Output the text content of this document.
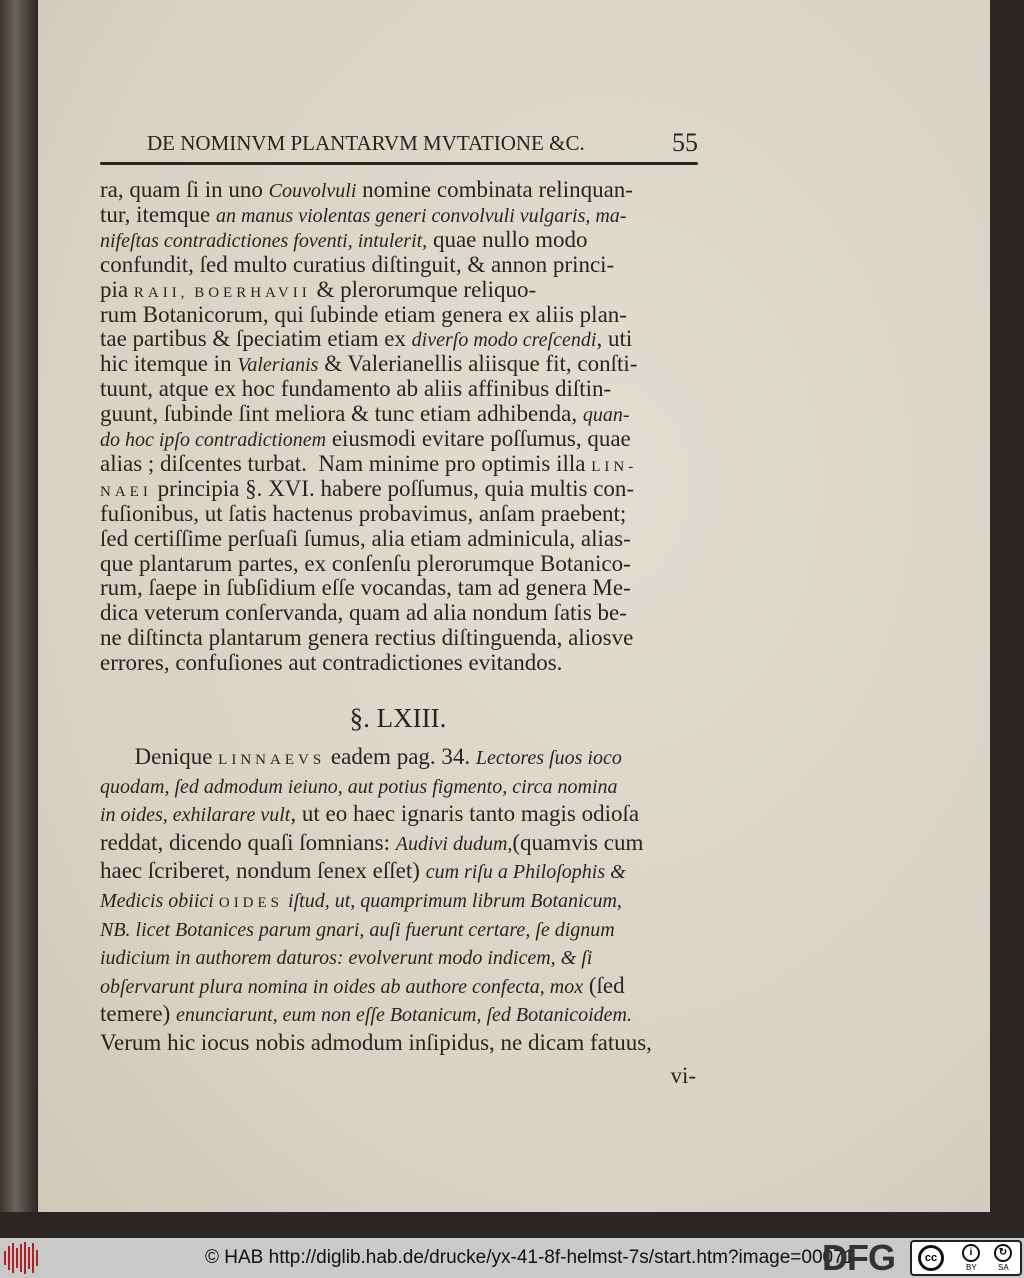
DE NOMINVM PLANTARVM MVTATIONE &C.	55
ra, quam ſi in uno Couvolvuli nomine combinata relinquan-
tur, itemque an manus violentas generi convolvuli vulgaris, ma-
nifeſtas contradictiones foventi, intulerit, quae nullo modo
confundit, ſed multo curatius diſtinguit, & annon princi-
pia RAII, BOERHAVII & plerorumque reliquo-
rum Botanicorum, qui ſubinde etiam genera ex aliis plan-
tae partibus & ſpeciatim etiam ex diverſo modo creſcendi, uti
hic itemque in Valerianis & Valerianellis aliisque fit, conſti-
tuunt, atque ex hoc fundamento ab aliis affinibus diſtin-
guunt, ſubinde ſint meliora & tunc etiam adhibenda, quan-
do hoc ipſo contradictionem eiusmodi evitare poſſumus, quae
alias ; diſcentes turbat.  Nam minime pro optimis illa LIN-
NAEI principia §. XVI. habere poſſumus, quia multis con-
fuſionibus, ut ſatis hactenus probavimus, anſam praebent;
ſed certiſſime perſuaſi ſumus, alia etiam adminicula, alias-
que plantarum partes, ex conſenſu plerorumque Botanico-
rum, ſaepe in ſubſidium eſſe vocandas, tam ad genera Me-
dica veterum conſervanda, quam ad alia nondum ſatis be-
ne diſtincta plantarum genera rectius diſtinguenda, aliosve
errores, confuſiones aut contradictiones evitandos.
§. LXIII.
Denique LINNAEVS eadem pag. 34. Lectores ſuos ioco
quodam, ſed admodum ieiuno, aut potius figmento, circa nomina
in oides, exhilarare vult, ut eo haec ignaris tanto magis odioſa
reddat, dicendo quaſi ſomnians: Audivi dudum,(quamvis cum
haec ſcriberet, nondum ſenex eſſet) cum riſu a Philoſophis &
Medicis obiici OIDES iſtud, ut, quamprimum librum Botanicum,
NB. licet Botanices parum gnari, auſi fuerunt certare, ſe dignum
iudicium in authorem daturos: evolverunt modo indicem, & ſi
obſervarunt plura nomina in oides ab authore confecta, mox (ſed
temere) enunciarunt, eum non eſſe Botanicum, ſed Botanicoidem.
Verum hic iocus nobis admodum inſipidus, ne dicam fatuus,
vi-
© HAB http://diglib.hab.de/drucke/yx-41-8f-helmst-7s/start.htm?image=00071
DFG	cc	i	↻
BY	SA
